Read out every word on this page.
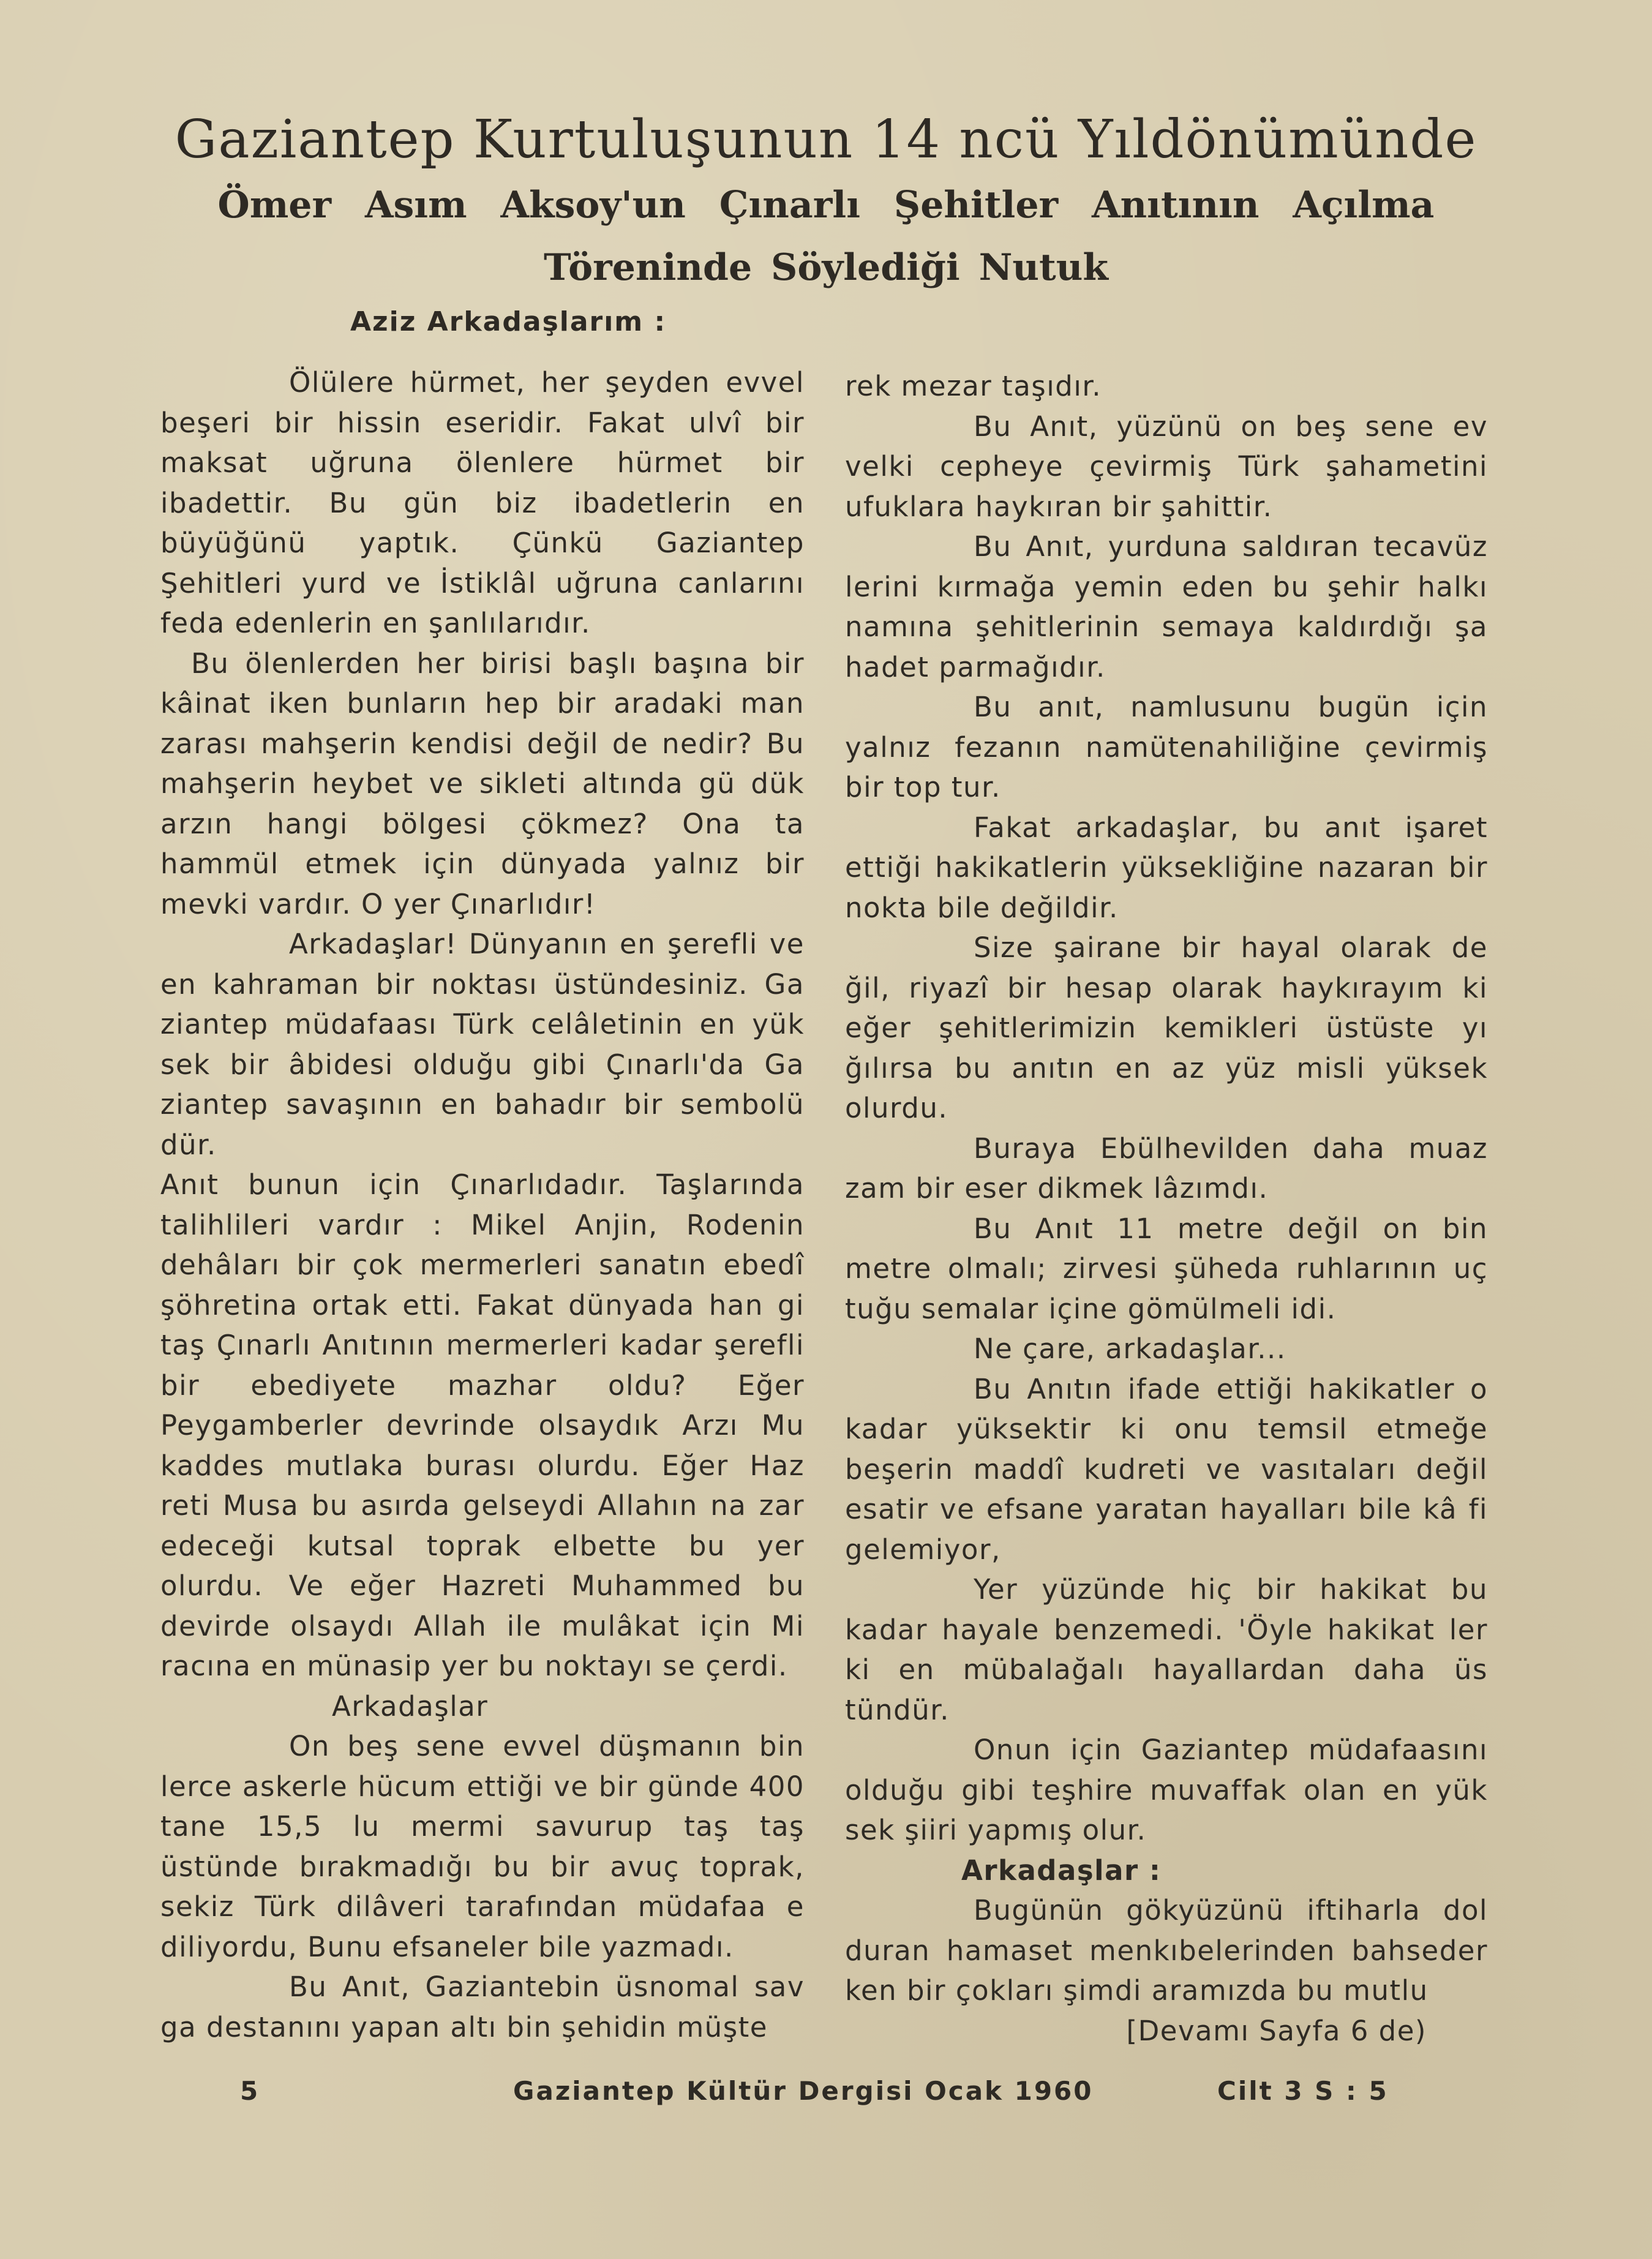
Gaziantep Kurtuluşunun 14 ncü Yıldönümünde
Ömer Asım Aksoy'un Çınarlı Şehitler Anıtının Açılma
Töreninde Söylediği Nutuk
Aziz Arkadaşlarım :

Ölülere hürmet, her şeyden evvel beşeri bir hissin eseridir. Fakat ulvî bir maksat uğruna ölenlere hürmet bir ibadettir. Bu gün biz ibadetlerin en büyüğünü yaptık. Çünkü Gaziantep Şehitleri yurd ve İstiklâl uğruna canlarını feda edenlerin en şanlılarıdır.

Bu ölenlerden her birisi başlı başına bir kâinat iken bunların hep bir aradaki man zarası mahşerin kendisi değil de nedir? Bu mahşerin heybet ve sikleti altında gü dük arzın hangi bölgesi çökmez? Ona ta hammül etmek için dünyada yalnız bir mevki vardır. O yer Çınarlıdır!

Arkadaşlar! Dünyanın en şerefli ve en kahraman bir noktası üstündesiniz. Ga ziantep müdafaası Türk celâletinin en yük sek bir âbidesi olduğu gibi Çınarlı'da Ga ziantep savaşının en bahadır bir sembolü dür.

Anıt bunun için Çınarlıdadır. Taşlarında talihlileri vardır : Mikel Anjin, Rodenin dehâları bir çok mermerleri sanatın ebedî şöhretina ortak etti. Fakat dünyada han gi taş Çınarlı Anıtının mermerleri kadar şerefli bir ebediyete mazhar oldu? Eğer Peygamberler devrinde olsaydık Arzı Mu kaddes mutlaka burası olurdu. Eğer Haz reti Musa bu asırda gelseydi Allahın na zar edeceği kutsal toprak elbette bu yer olurdu. Ve eğer Hazreti Muhammed bu devirde olsaydı Allah ile mulâkat için Mi racına en münasip yer bu noktayı se çerdi.

Arkadaşlar

On beş sene evvel düşmanın bin lerce askerle hücum ettiği ve bir günde 400 tane 15,5 lu mermi savurup taş taş üstünde bırakmadığı bu bir avuç toprak, sekiz Türk dilâveri tarafından müdafaa e diliyordu, Bunu efsaneler bile yazmadı.

Bu Anıt, Gaziantebin üsnomal sav ga destanını yapan altı bin şehidin müşte

rek mezar taşıdır.

Bu Anıt, yüzünü on beş sene ev velki cepheye çevirmiş Türk şahametini ufuklara haykıran bir şahittir.

Bu Anıt, yurduna saldıran tecavüz lerini kırmağa yemin eden bu şehir halkı namına şehitlerinin semaya kaldırdığı şa hadet parmağıdır.

Bu anıt, namlusunu bugün için yalnız fezanın namütenahiliğine çevirmiş bir top tur.

Fakat arkadaşlar, bu anıt işaret ettiği hakikatlerin yüksekliğine nazaran bir nokta bile değildir.

Size şairane bir hayal olarak de ğil, riyazî bir hesap olarak haykırayım ki eğer şehitlerimizin kemikleri üstüste yı ğılırsa bu anıtın en az yüz misli yüksek olurdu.

Buraya Ebülhevilden daha muaz zam bir eser dikmek lâzımdı.

Bu Anıt 11 metre değil on bin metre olmalı; zirvesi şüheda ruhlarının uç tuğu semalar içine gömülmeli idi.

Ne çare, arkadaşlar...

Bu Anıtın ifade ettiği hakikatler o kadar yüksektir ki onu temsil etmeğe beşerin maddî kudreti ve vasıtaları değil esatir ve efsane yaratan hayalları bile kâ fi gelemiyor,

Yer yüzünde hiç bir hakikat bu kadar hayale benzemedi. 'Öyle hakikat ler ki en mübalağalı hayallardan daha üs tündür.

Onun için Gaziantep müdafaasını olduğu gibi teşhire muvaffak olan en yük sek şiiri yapmış olur.

Arkadaşlar :

Bugünün gökyüzünü iftiharla dol duran hamaset menkıbelerinden bahseder ken bir çokları şimdi aramızda bu mutlu

[Devamı Sayfa 6 de)

5	Gaziantep Kültür Dergisi Ocak 1960	Cilt 3 S : 5
